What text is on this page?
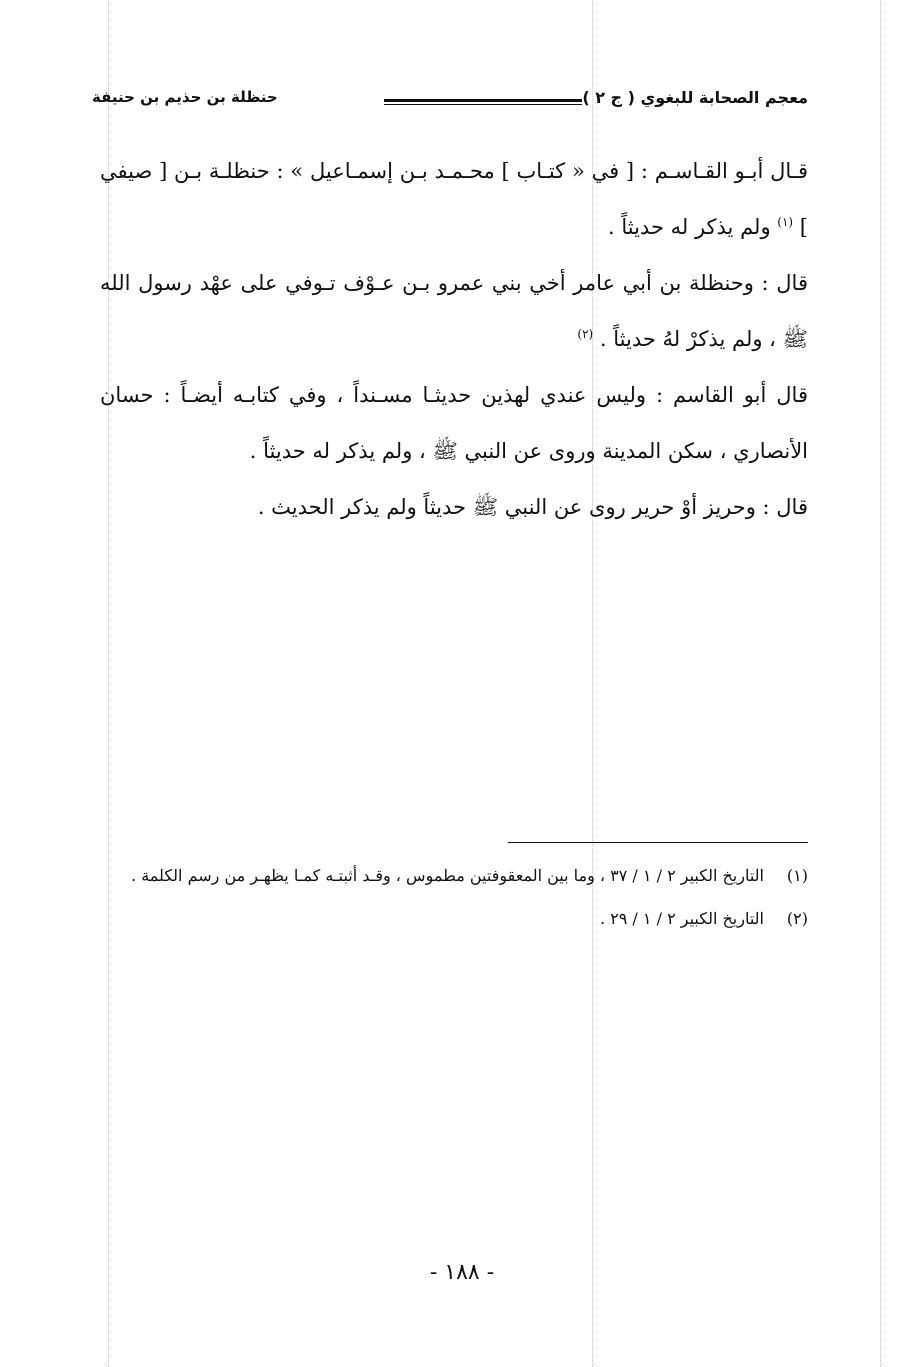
معجم الصحابة للبغوي ( ج ٢ )
حنظلة بن حذيم بن حنيفة

قـال أبـو القـاسـم : [ في « كتـاب ] محـمـد بـن إسمـاعيل » : حنظلـة بـن [ صيفي ] $^{(١)}$ ولم يذكر له حديثاً .

قال : وحنظلة بن أبي عامر أخي بني عمرو بـن عـوْف تـوفي على عهْد رسول الله ﷺ ، ولم يذكرْ لهُ حديثاً . $^{(٢)}$

قال أبو القاسم : وليس عندي لهذين حديثـا مسـنداً ، وفي كتابـه أيضـاً : حسان الأنصاري ، سكن المدينة وروى عن النبي ﷺ ، ولم يذكر له حديثاً .

قال : وحريز أوْ حرير روى عن النبي ﷺ حديثاً ولم يذكر الحديث .

(١)
التاريخ الكبير ٢ / ١ / ٣٧ ، وما بين المعقوفتين مطموس ، وقـد أثبتـه كمـا يظهـر من رسم الكلمة .

(٢)
التاريخ الكبير ٢ / ١ / ٢٩ .

- ١٨٨ -
